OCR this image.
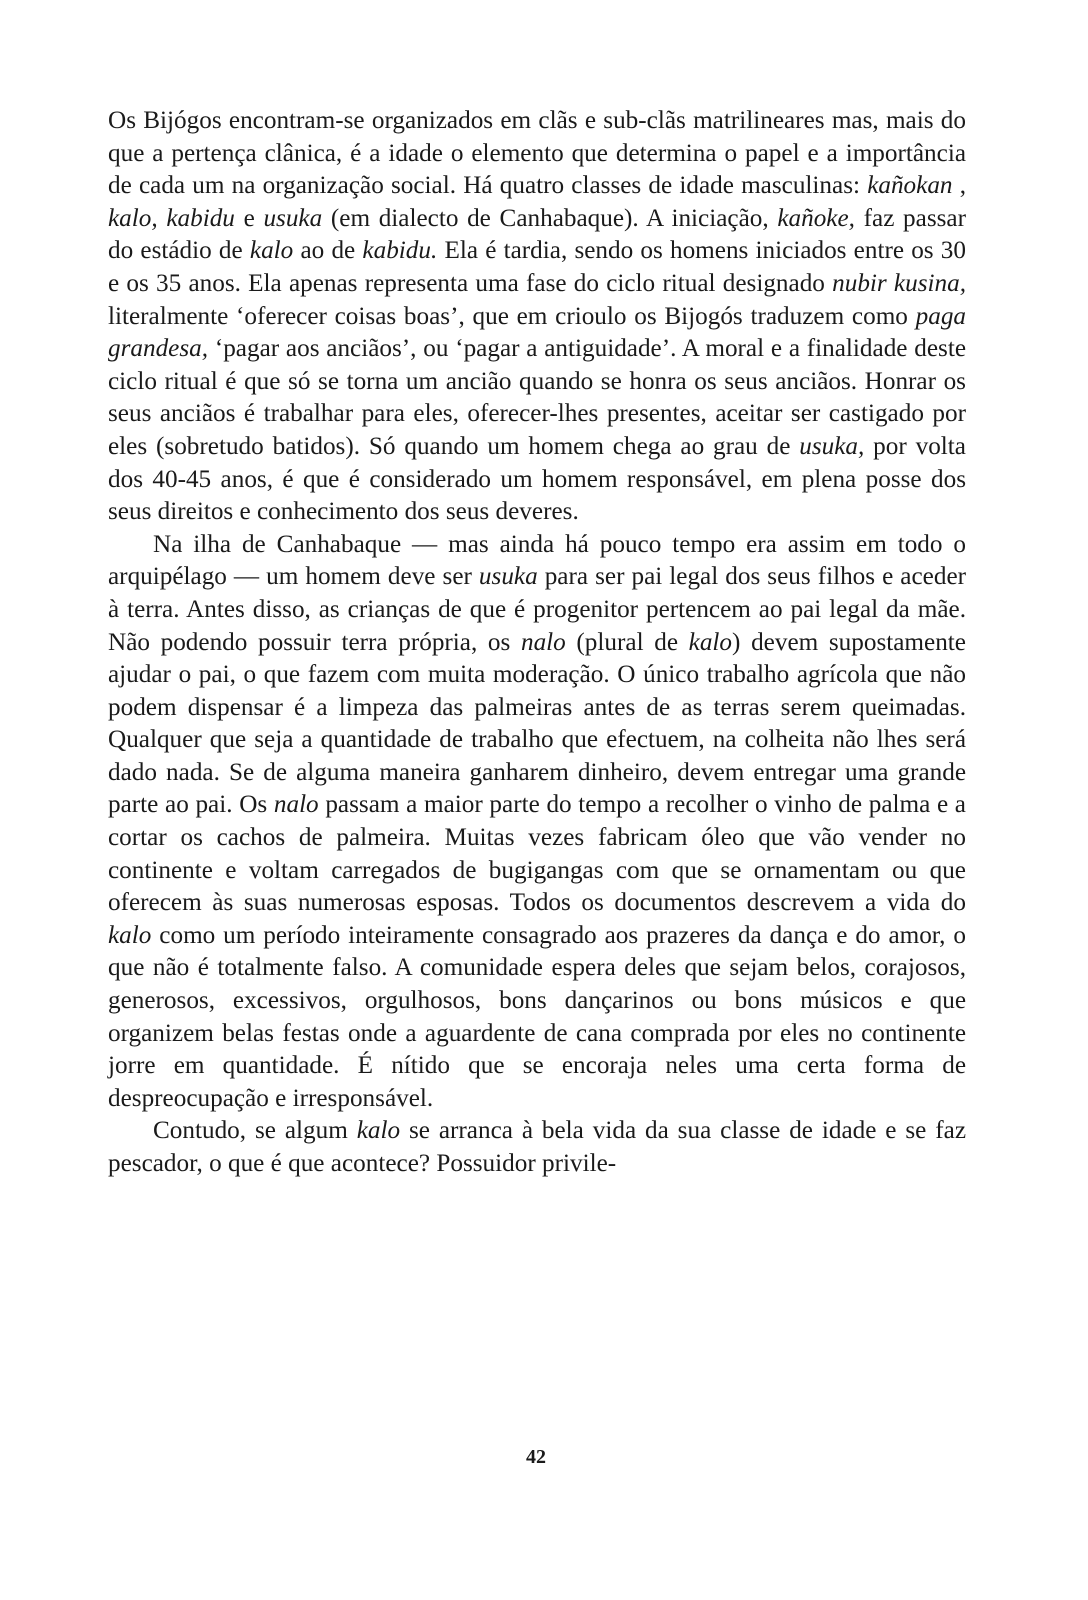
Os Bijógos encontram-se organizados em clãs e sub-clãs matrilineares mas, mais do que a pertença clânica, é a idade o elemento que determina o papel e a importância de cada um na organização social. Há quatro classes de idade masculinas: kañokan , kalo, kabidu e usuka (em dialecto de Canhabaque). A iniciação, kañoke, faz passar do estádio de kalo ao de kabidu. Ela é tardia, sendo os homens iniciados entre os 30 e os 35 anos. Ela apenas representa uma fase do ciclo ritual designado nubir kusina, literalmente ‘oferecer coisas boas’, que em crioulo os Bijogós traduzem como paga grandesa, ‘pagar aos anciãos’, ou ‘pagar a antiguidade’. A moral e a finalidade deste ciclo ritual é que só se torna um ancião quando se honra os seus anciãos. Honrar os seus anciãos é trabalhar para eles, oferecer-lhes presentes, aceitar ser castigado por eles (sobretudo batidos). Só quando um homem chega ao grau de usuka, por volta dos 40-45 anos, é que é considerado um homem responsável, em plena posse dos seus direitos e conhecimento dos seus deveres.

Na ilha de Canhabaque — mas ainda há pouco tempo era assim em todo o arquipélago — um homem deve ser usuka para ser pai legal dos seus filhos e aceder à terra. Antes disso, as crianças de que é progenitor pertencem ao pai legal da mãe. Não podendo possuir terra própria, os nalo (plural de kalo) devem supostamente ajudar o pai, o que fazem com muita moderação. O único trabalho agrícola que não podem dispensar é a limpeza das palmeiras antes de as terras serem queimadas. Qualquer que seja a quantidade de trabalho que efectuem, na colheita não lhes será dado nada. Se de alguma maneira ganharem dinheiro, devem entregar uma grande parte ao pai. Os nalo passam a maior parte do tempo a recolher o vinho de palma e a cortar os cachos de palmeira. Muitas vezes fabricam óleo que vão vender no continente e voltam carregados de bugigangas com que se ornamentam ou que oferecem às suas numerosas esposas. Todos os documentos descrevem a vida do kalo como um período inteiramente consagrado aos prazeres da dança e do amor, o que não é totalmente falso. A comunidade espera deles que sejam belos, corajosos, generosos, excessivos, orgulhosos, bons dançarinos ou bons músicos e que organizem belas festas onde a aguardente de cana comprada por eles no continente jorre em quantidade. É nítido que se encoraja neles uma certa forma de despreocupação e irresponsável.

Contudo, se algum kalo se arranca à bela vida da sua classe de idade e se faz pescador, o que é que acontece? Possuidor privile-

42
